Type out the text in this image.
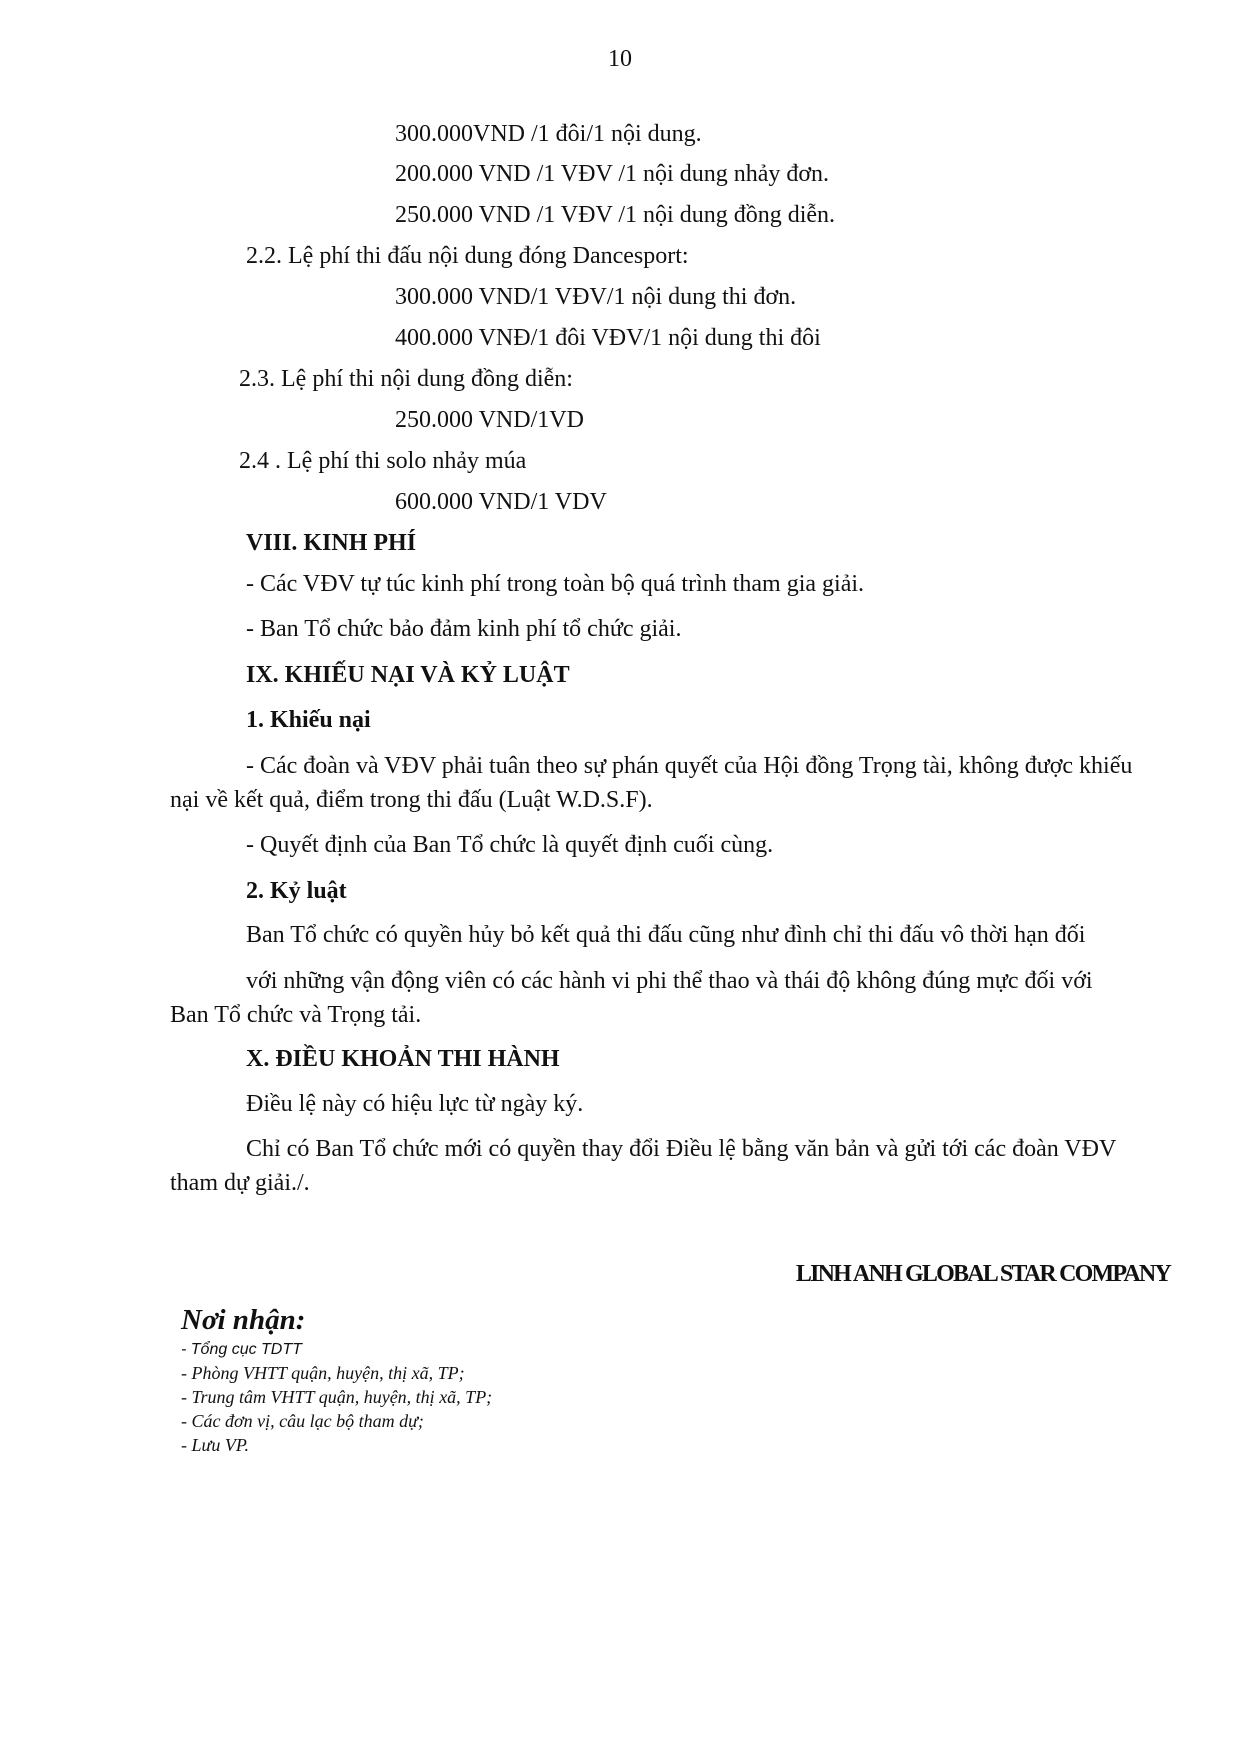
10
300.000VND /1 đôi/1 nội dung.
200.000 VND /1 VĐV /1 nội dung nhảy đơn.
250.000 VND /1 VĐV /1 nội dung đồng diễn.
2.2. Lệ phí thi đấu nội dung đóng Dancesport:
300.000 VND/1 VĐV/1 nội dung thi đơn.
400.000 VNĐ/1 đôi VĐV/1 nội dung thi đôi
2.3. Lệ phí thi nội dung đồng diễn:
250.000 VND/1VD
2.4 . Lệ phí thi solo nhảy múa
600.000 VND/1 VDV
VIII. KINH PHÍ
- Các VĐV tự túc kinh phí trong toàn bộ quá trình tham gia giải.
- Ban Tổ chức bảo đảm kinh phí tổ chức giải.
IX. KHIẾU NẠI VÀ KỶ LUẬT
1. Khiếu nại
- Các đoàn và VĐV phải tuân theo sự phán quyết của Hội đồng Trọng tài, không được khiếu
nại về kết quả, điểm trong thi đấu (Luật W.D.S.F).
- Quyết định của Ban Tổ chức là quyết định cuối cùng.
2. Kỷ luật
Ban Tổ chức có quyền hủy bỏ kết quả thi đấu cũng như đình chỉ thi đấu vô thời hạn đối
với những vận động viên có các hành vi phi thể thao và thái độ không đúng mực đối với
Ban Tổ chức và Trọng tải.
X. ĐIỀU KHOẢN THI HÀNH
Điều lệ này có hiệu lực từ ngày ký.
Chỉ có Ban Tổ chức mới có quyền thay đổi Điều lệ bằng văn bản và gửi tới các đoàn VĐV
tham dự giải./.
LINH ANH GLOBAL STAR COMPANY
Nơi nhận:
- Tổng cục TDTT
- Phòng VHTT quận, huyện, thị xã, TP;
- Trung tâm VHTT quận, huyện, thị xã, TP;
- Các đơn vị, câu lạc bộ tham dự;
- Lưu VP.
